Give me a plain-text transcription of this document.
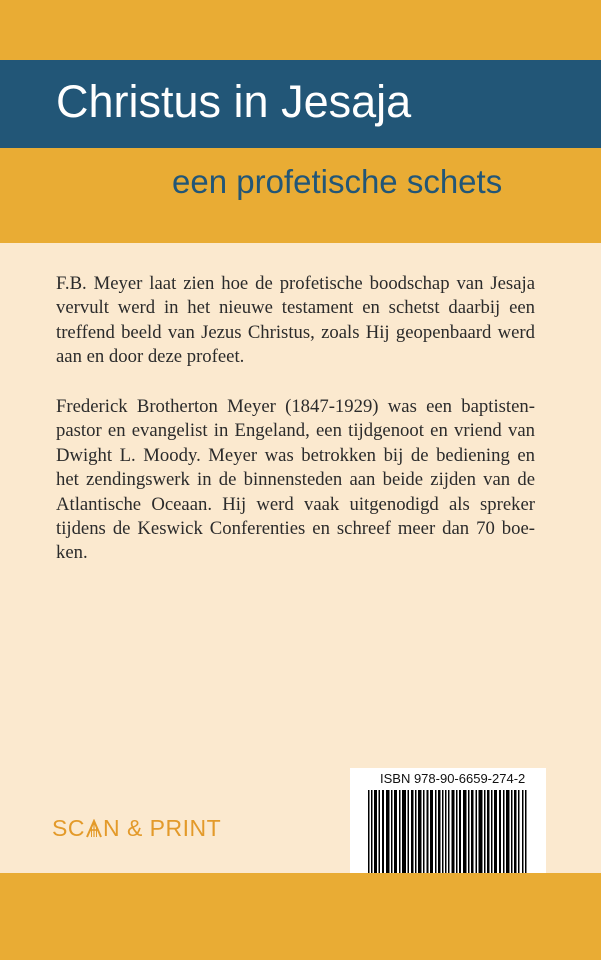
Christus in Jesaja
een profetische schets

F.B. Meyer laat zien hoe de profetische boodschap van Jesaja vervult werd in het nieuwe testament en schetst daarbij een treffend beeld van Jezus Christus, zoals Hij geopenbaard werd aan en door deze profeet.

Frederick Brotherton Meyer (1847-1929) was een baptistenpastor en evangelist in Engeland, een tijdgenoot en vriend van Dwight L. Moody. Meyer was betrokken bij de bediening en het zendingswerk in de binnensteden aan beide zijden van de Atlantische Oceaan. Hij werd vaak uitgenodigd als spreker tijdens de Keswick Conferenties en schreef meer dan 70 boeken.

SC N & PRINT

ISBN 978-90-6659-274-2
